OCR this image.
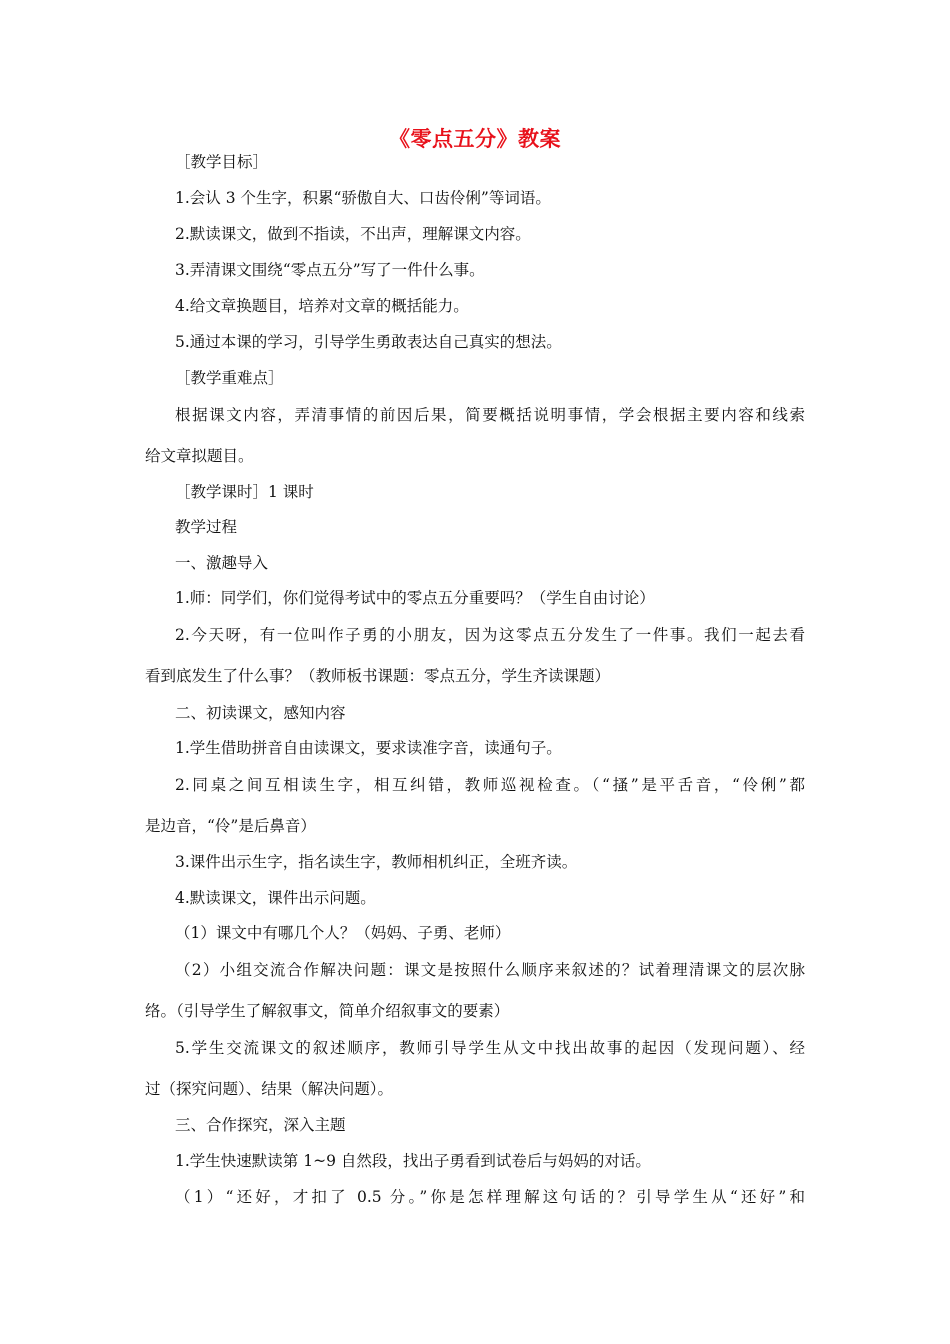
《零点五分》教案
［教学目标］
1.会认 3 个生字，积累“骄傲自大、口齿伶俐”等词语。
2.默读课文，做到不指读，不出声，理解课文内容。
3.弄清课文围绕“零点五分”写了一件什么事。
4.给文章换题目，培养对文章的概括能力。
5.通过本课的学习，引导学生勇敢表达自己真实的想法。
［教学重难点］
根据课文内容，弄清事情的前因后果，简要概括说明事情，学会根据主要内容和线索
给文章拟题目。
［教学课时］1 课时
教学过程
一、激趣导入
1.师：同学们，你们觉得考试中的零点五分重要吗？（学生自由讨论）
2.今天呀，有一位叫作子勇的小朋友，因为这零点五分发生了一件事。我们一起去看
看到底发生了什么事？（教师板书课题：零点五分，学生齐读课题）
二、初读课文，感知内容
1.学生借助拼音自由读课文，要求读准字音，读通句子。
2.同桌之间互相读生字，相互纠错，教师巡视检查。（“搔”是平舌音，“伶俐”都
是边音，“伶”是后鼻音）
3.课件出示生字，指名读生字，教师相机纠正，全班齐读。
4.默读课文，课件出示问题。
（1）课文中有哪几个人？（妈妈、子勇、老师）
（2）小组交流合作解决问题：课文是按照什么顺序来叙述的？试着理清课文的层次脉
络。（引导学生了解叙事文，简单介绍叙事文的要素）
5.学生交流课文的叙述顺序，教师引导学生从文中找出故事的起因（发现问题）、经
过（探究问题）、结果（解决问题）。
三、合作探究，深入主题
1.学生快速默读第 1~9 自然段，找出子勇看到试卷后与妈妈的对话。
（1）“还好，才扣了 0.5 分。”你是怎样理解这句话的？引导学生从“还好”和
